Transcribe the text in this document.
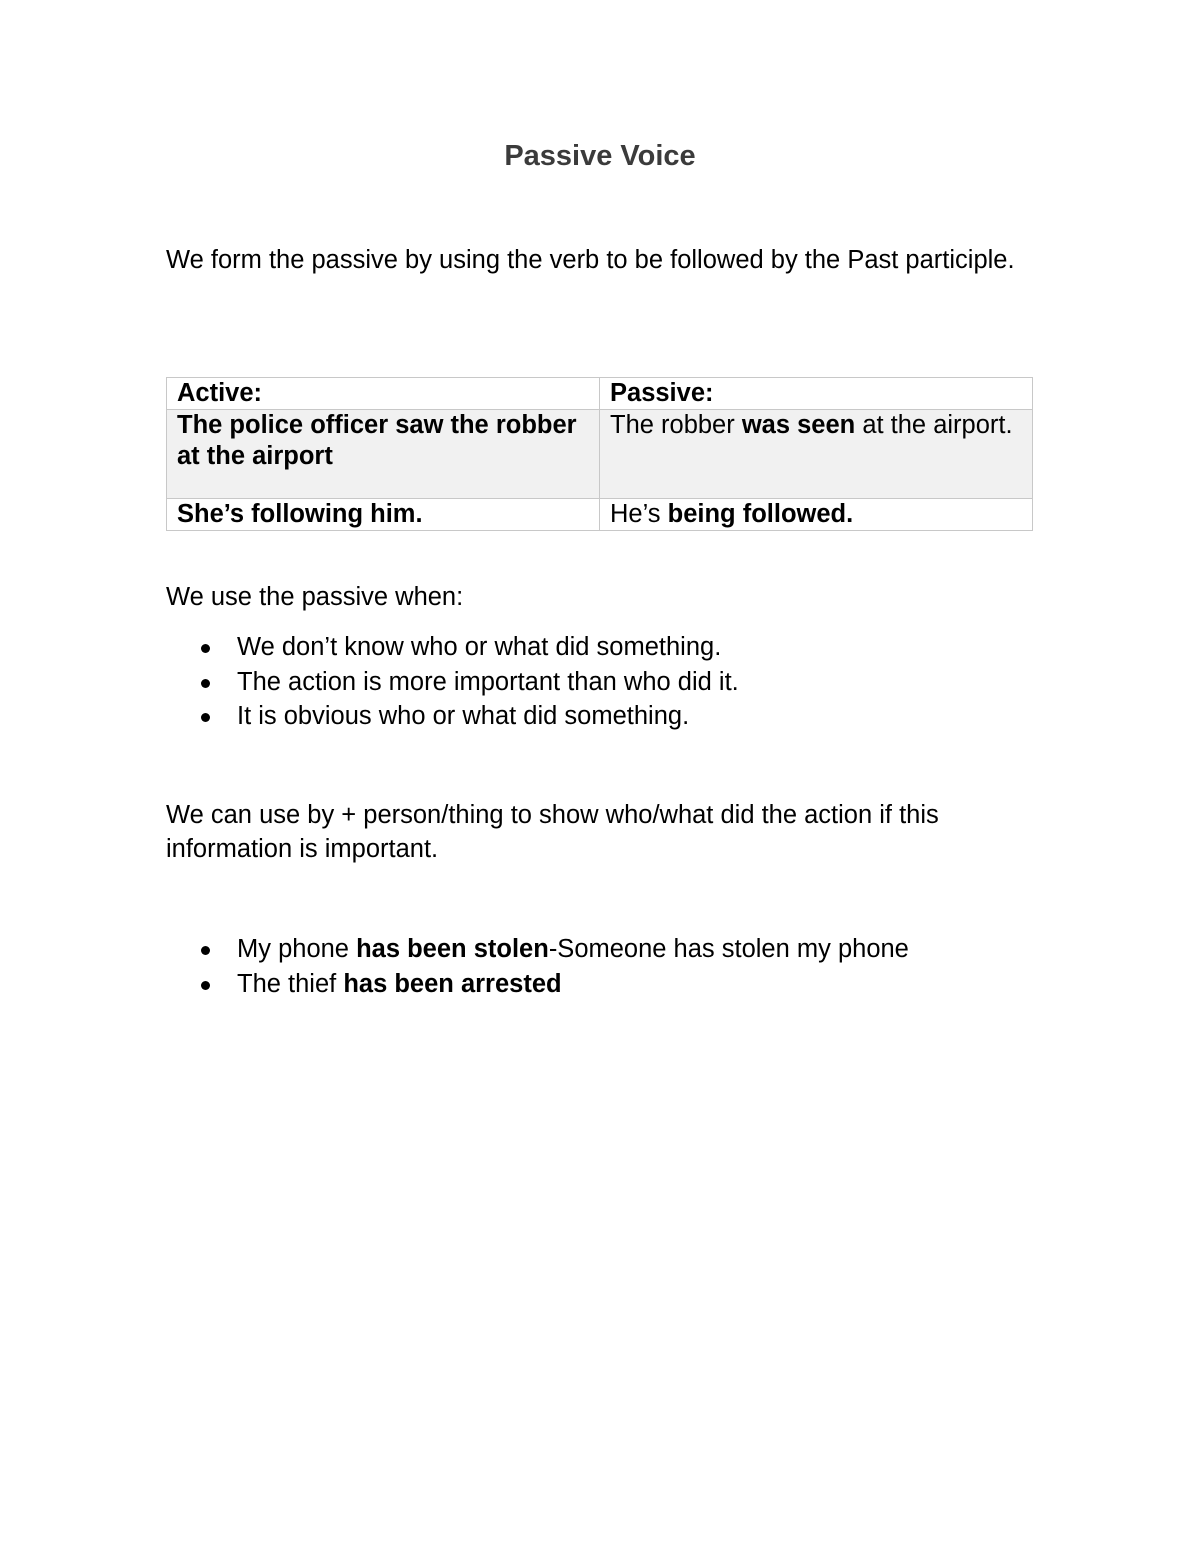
Passive Voice

We form the passive by using the verb to be followed by the Past participle.

Active:	Passive:
The police officer saw the robber at the airport	The robber was seen at the airport.
She’s following him.	He’s being followed.

We use the passive when:

We don’t know who or what did something.
The action is more important than who did it.
It is obvious who or what did something.

We can use by + person/thing to show who/what did the action if this information is important.

My phone has been stolen-Someone has stolen my phone
The thief has been arrested
